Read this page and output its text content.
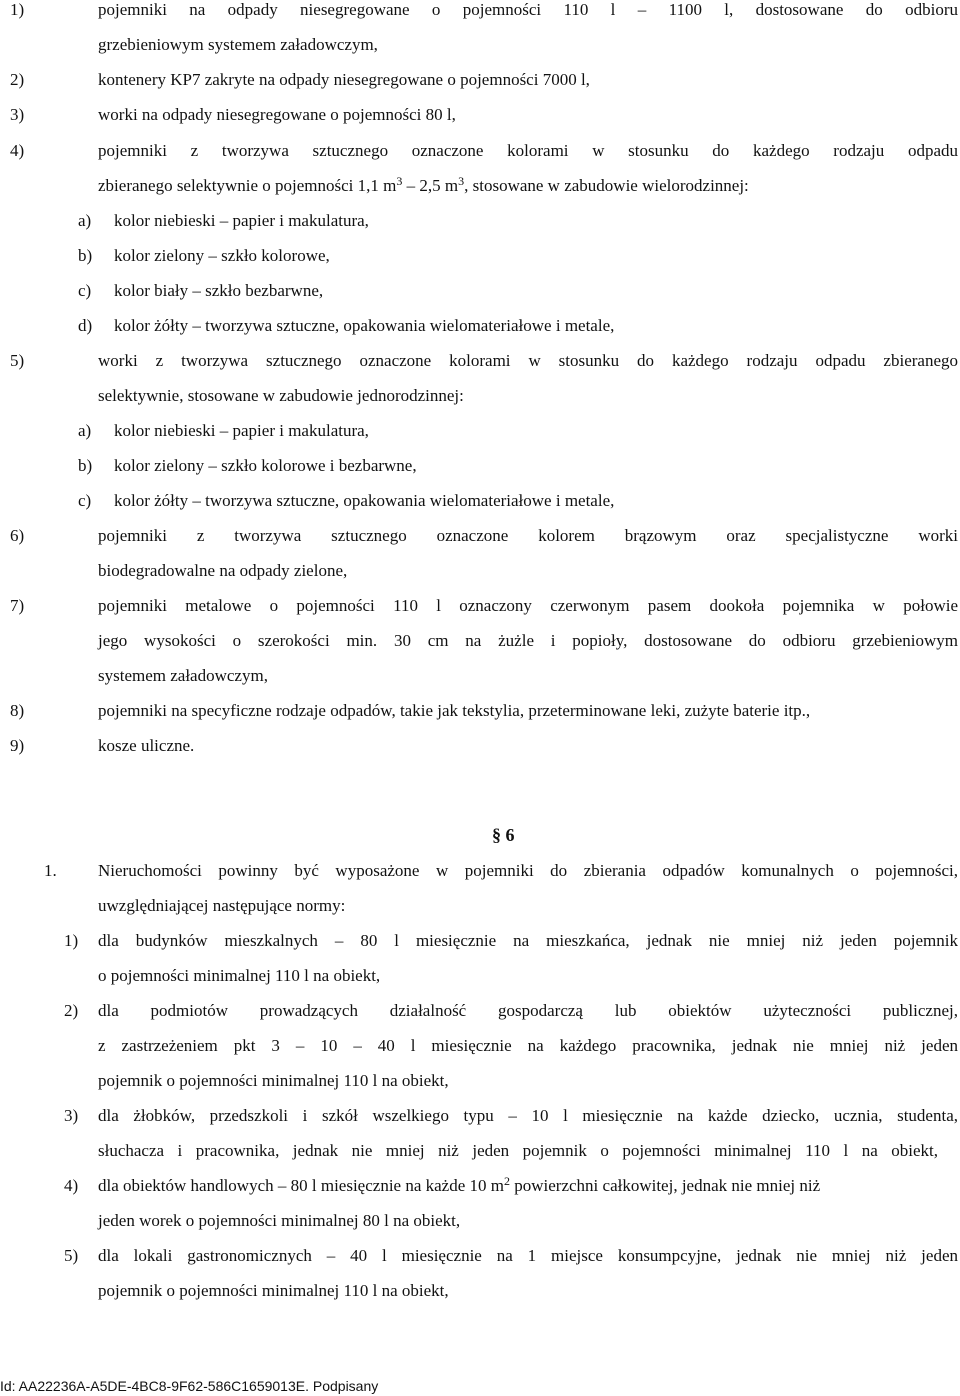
1)	pojemniki na odpady niesegregowane o pojemności 110 l – 1100 l, dostosowane do odbioru
grzebieniowym systemem załadowczym,
2)	kontenery KP7 zakryte na odpady niesegregowane o pojemności 7000 l,
3)	worki na odpady niesegregowane o pojemności 80 l,
4)	pojemniki z tworzywa sztucznego oznaczone kolorami w stosunku do każdego rodzaju odpadu
zbieranego selektywnie o pojemności 1,1 $m^3 - 2,5$ $m^3$, stosowane w zabudowie wielorodzinnej:
a) kolor niebieski – papier i makulatura,
b) kolor zielony – szkło kolorowe,
c) kolor biały – szkło bezbarwne,
d) kolor żółty – tworzywa sztuczne, opakowania wielomateriałowe i metale,
5)	worki z tworzywa sztucznego oznaczone kolorami w stosunku do każdego rodzaju odpadu zbieranego
selektywnie, stosowane w zabudowie jednorodzinnej:
a) kolor niebieski – papier i makulatura,
b) kolor zielony – szkło kolorowe i bezbarwne,
c) kolor żółty – tworzywa sztuczne, opakowania wielomateriałowe i metale,
6)	pojemniki z tworzywa sztucznego oznaczone kolorem brązowym oraz specjalistyczne worki
biodegradowalne na odpady zielone,
7)	pojemniki metalowe o pojemności 110 l oznaczony czerwonym pasem dookoła pojemnika w połowie
jego wysokości o szerokości min. 30 cm na żużle i popioły, dostosowane do odbioru grzebieniowym
systemem załadowczym,
8)	pojemniki na specyficzne rodzaje odpadów, takie jak tekstylia, przeterminowane leki, zużyte baterie itp.,
9)	kosze uliczne.
§ 6
1. Nieruchomości powinny być wyposażone w pojemniki do zbierania odpadów komunalnych o pojemności,
uwzględniającej następujące normy:
1) dla budynków mieszkalnych – 80 l miesięcznie na mieszkańca, jednak nie mniej niż jeden pojemnik
o pojemności minimalnej 110 l na obiekt,
2) dla podmiotów prowadzących działalność gospodarczą lub obiektów użyteczności publicznej,
z zastrzeżeniem pkt 3 – 10 – 40 l miesięcznie na każdego pracownika, jednak nie mniej niż jeden
pojemnik o pojemności minimalnej 110 l na obiekt,
3) dla żłobków, przedszkoli i szkół wszelkiego typu – 10 l miesięcznie na każde dziecko, ucznia, studenta,
słuchacza i pracownika, jednak nie mniej niż jeden pojemnik o pojemności minimalnej 110 l na obiekt,
4) dla obiektów handlowych – 80 l miesięcznie na każde 10 $m^2$ powierzchni całkowitej, jednak nie mniej niż
jeden worek o pojemności minimalnej 80 l na obiekt,
5) dla lokali gastronomicznych – 40 l miesięcznie na 1 miejsce konsumpcyjne, jednak nie mniej niż jeden
pojemnik o pojemności minimalnej 110 l na obiekt,
Id: AA22236A-A5DE-4BC8-9F62-586C1659013E. Podpisany
